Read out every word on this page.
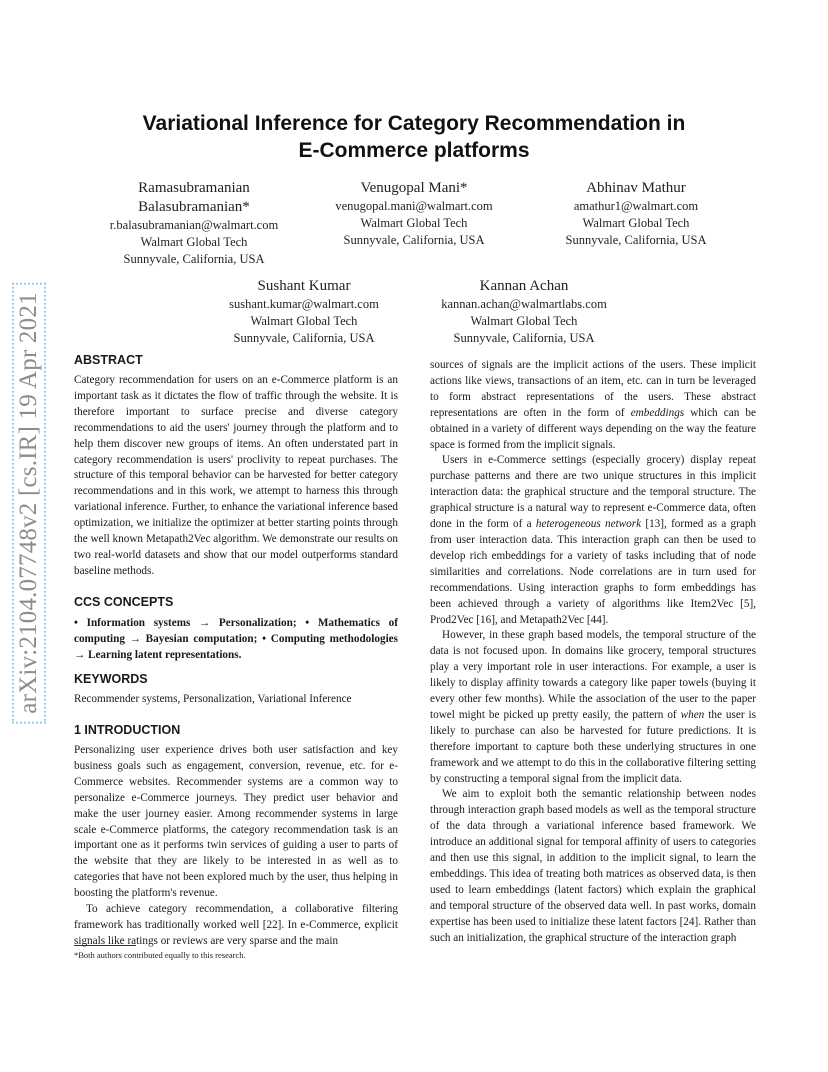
arXiv:2104.07748v2 [cs.IR] 19 Apr 2021
Variational Inference for Category Recommendation in
E-Commerce platforms
Ramasubramanian
Balasubramanian*
r.balasubramanian@walmart.com
Walmart Global Tech
Sunnyvale, California, USA
Venugopal Mani*
venugopal.mani@walmart.com
Walmart Global Tech
Sunnyvale, California, USA
Abhinav Mathur
amathur1@walmart.com
Walmart Global Tech
Sunnyvale, California, USA
Sushant Kumar
sushant.kumar@walmart.com
Walmart Global Tech
Sunnyvale, California, USA
Kannan Achan
kannan.achan@walmartlabs.com
Walmart Global Tech
Sunnyvale, California, USA
ABSTRACT

Category recommendation for users on an e-Commerce platform is an important task as it dictates the flow of traffic through the website. It is therefore important to surface precise and diverse category recommendations to aid the users' journey through the platform and to help them discover new groups of items. An often understated part in category recommendation is users' proclivity to repeat purchases. The structure of this temporal behavior can be harvested for better category recommendations and in this work, we attempt to harness this through variational inference. Further, to enhance the variational inference based optimization, we initialize the optimizer at better starting points through the well known Metapath2Vec algorithm. We demonstrate our results on two real-world datasets and show that our model outperforms standard baseline methods.

CCS CONCEPTS

• Information systems → Personalization; • Mathematics of computing → Bayesian computation; • Computing methodologies → Learning latent representations.

KEYWORDS

Recommender systems, Personalization, Variational Inference

1 INTRODUCTION

Personalizing user experience drives both user satisfaction and key business goals such as engagement, conversion, revenue, etc. for e-Commerce websites. Recommender systems are a common way to personalize e-Commerce journeys. They predict user behavior and make the user journey easier. Among recommender systems in large scale e-Commerce platforms, the category recommendation task is an important one as it performs twin services of guiding a user to parts of the website that they are likely to be interested in as well as to categories that have not been explored much by the user, thus helping in boosting the platform's revenue.

To achieve category recommendation, a collaborative filtering framework has traditionally worked well [22]. In e-Commerce, explicit signals like ratings or reviews are very sparse and the main

*Both authors contributed equally to this research.

sources of signals are the implicit actions of the users. These implicit actions like views, transactions of an item, etc. can in turn be leveraged to form abstract representations of the users. These abstract representations are often in the form of embeddings which can be obtained in a variety of different ways depending on the way the feature space is formed from the implicit signals.

Users in e-Commerce settings (especially grocery) display repeat purchase patterns and there are two unique structures in this implicit interaction data: the graphical structure and the temporal structure. The graphical structure is a natural way to represent e-Commerce data, often done in the form of a heterogeneous network [13], formed as a graph from user interaction data. This interaction graph can then be used to develop rich embeddings for a variety of tasks including that of node similarities and correlations. Node correlations are in turn used for recommendations. Using interaction graphs to form embeddings has been achieved through a variety of algorithms like Item2Vec [5], Prod2Vec [16], and Metapath2Vec [44].

However, in these graph based models, the temporal structure of the data is not focused upon. In domains like grocery, temporal structures play a very important role in user interactions. For example, a user is likely to display affinity towards a category like paper towels (buying it every other few months). While the association of the user to the paper towel might be picked up pretty easily, the pattern of when the user is likely to purchase can also be harvested for future predictions. It is therefore important to capture both these underlying structures in one framework and we attempt to do this in the collaborative filtering setting by constructing a temporal signal from the implicit data.

We aim to exploit both the semantic relationship between nodes through interaction graph based models as well as the temporal structure of the data through a variational inference based framework. We introduce an additional signal for temporal affinity of users to categories and then use this signal, in addition to the implicit signal, to learn the embeddings. This idea of treating both matrices as observed data, is then used to learn embeddings (latent factors) which explain the graphical and temporal structure of the observed data well. In past works, domain expertise has been used to initialize these latent factors [24]. Rather than such an initialization, the graphical structure of the interaction graph
